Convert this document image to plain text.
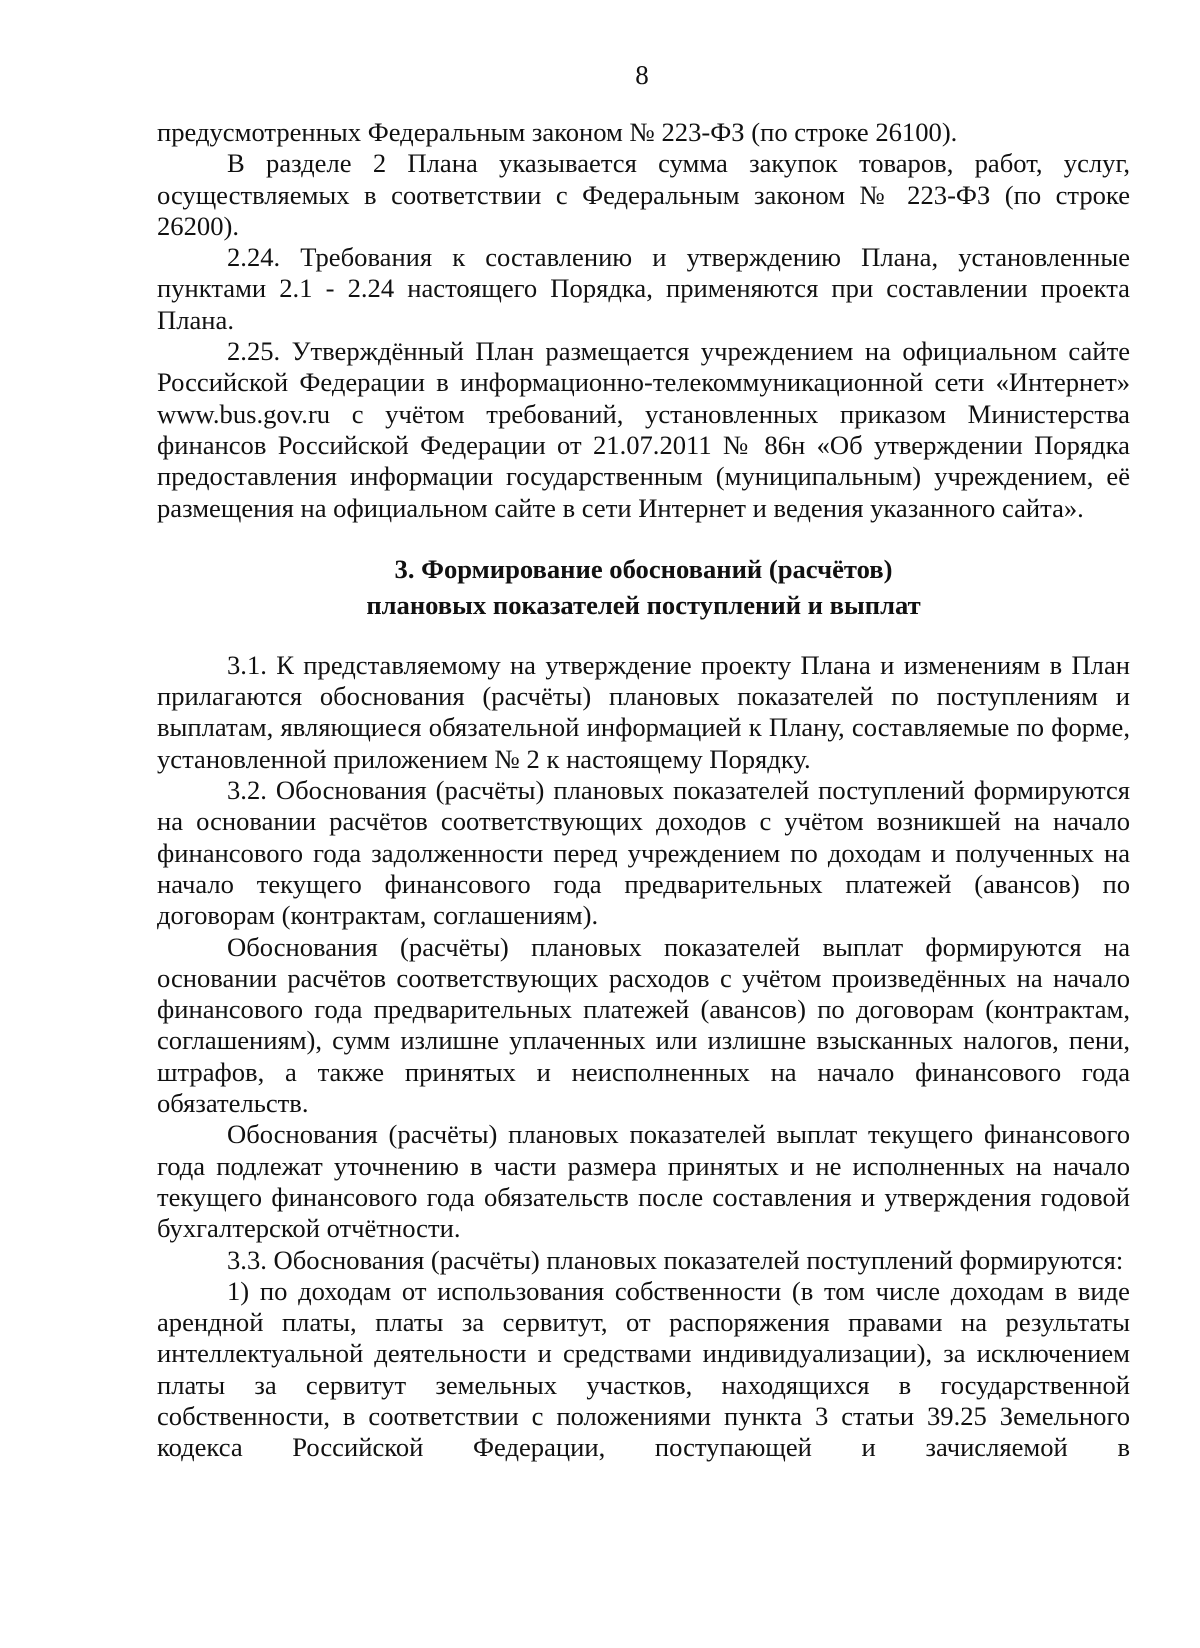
8

предусмотренных Федеральным законом № 223-ФЗ (по строке 26100).

В разделе 2 Плана указывается сумма закупок товаров, работ, услуг, осуществляемых в соответствии с Федеральным законом № 223-ФЗ (по строке 26200).

2.24. Требования к составлению и утверждению Плана, установленные пунктами 2.1 - 2.24 настоящего Порядка, применяются при составлении проекта Плана.

2.25. Утверждённый План размещается учреждением на официальном сайте Российской Федерации в информационно-телекоммуникационной сети «Интернет» www.bus.gov.ru с учётом требований, установленных приказом Министерства финансов Российской Федерации от 21.07.2011 № 86н «Об утверждении Порядка предоставления информации государственным (муниципальным) учреждением, её размещения на официальном сайте в сети Интернет и ведения указанного сайта».

3. Формирование обоснований (расчётов)
плановых показателей поступлений и выплат

3.1. К представляемому на утверждение проекту Плана и изменениям в План прилагаются обоснования (расчёты) плановых показателей по поступлениям и выплатам, являющиеся обязательной информацией к Плану, составляемые по форме, установленной приложением № 2 к настоящему Порядку.

3.2. Обоснования (расчёты) плановых показателей поступлений формируются на основании расчётов соответствующих доходов с учётом возникшей на начало финансового года задолженности перед учреждением по доходам и полученных на начало текущего финансового года предварительных платежей (авансов) по договорам (контрактам, соглашениям).

Обоснования (расчёты) плановых показателей выплат формируются на основании расчётов соответствующих расходов с учётом произведённых на начало финансового года предварительных платежей (авансов) по договорам (контрактам, соглашениям), сумм излишне уплаченных или излишне взысканных налогов, пени, штрафов, а также принятых и неисполненных на начало финансового года обязательств.

Обоснования (расчёты) плановых показателей выплат текущего финансового года подлежат уточнению в части размера принятых и не исполненных на начало текущего финансового года обязательств после составления и утверждения годовой бухгалтерской отчётности.

3.3. Обоснования (расчёты) плановых показателей поступлений формируются:

1) по доходам от использования собственности (в том числе доходам в виде арендной платы, платы за сервитут, от распоряжения правами на результаты интеллектуальной деятельности и средствами индивидуализации), за исключением платы за сервитут земельных участков, находящихся в государственной собственности, в соответствии с положениями пункта 3 статьи 39.25 Земельного кодекса Российской Федерации, поступающей и зачисляемой в
